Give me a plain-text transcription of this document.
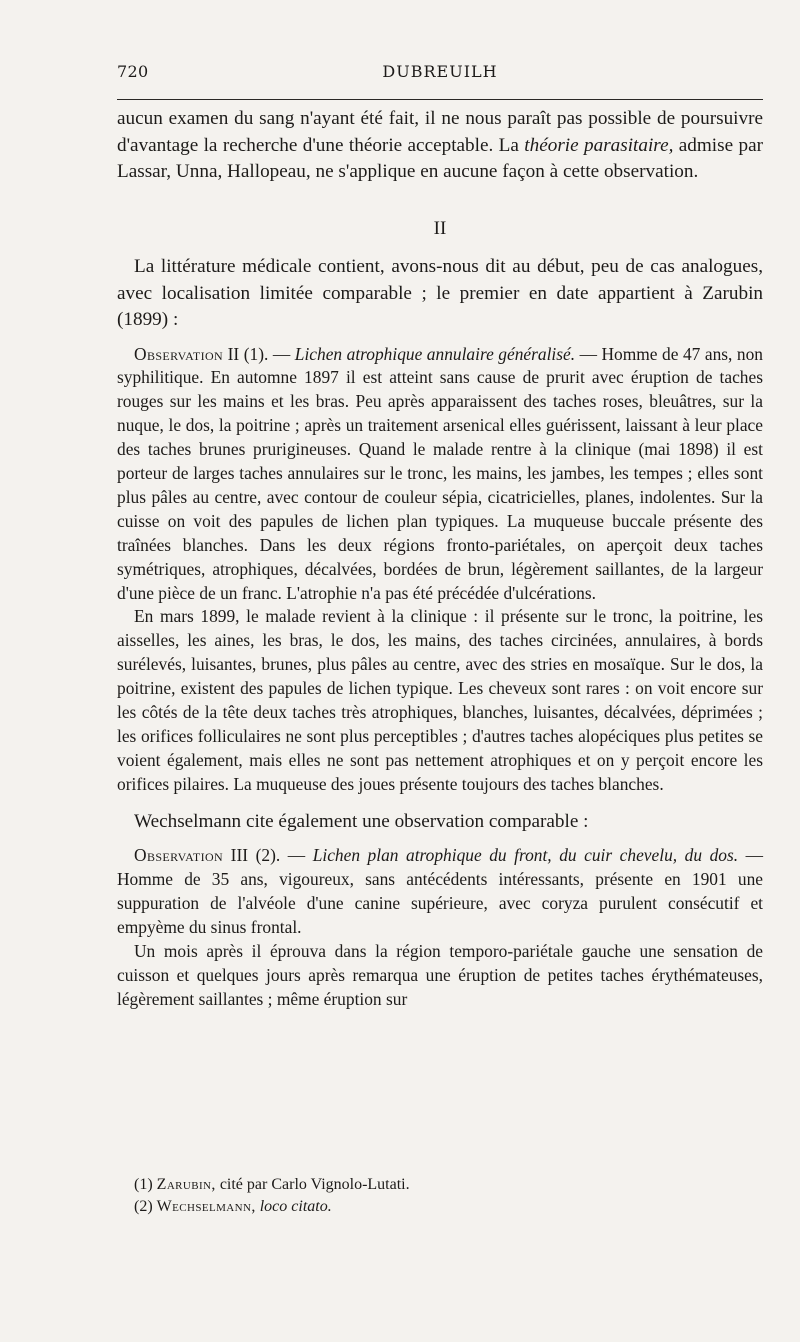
720	DUBREUILH

aucun examen du sang n'ayant été fait, il ne nous paraît pas possible de poursuivre d'avantage la recherche d'une théorie acceptable. La théorie parasitaire, admise par Lassar, Unna, Hallopeau, ne s'applique en aucune façon à cette observation.

II

La littérature médicale contient, avons-nous dit au début, peu de cas analogues, avec localisation limitée comparable ; le premier en date appartient à Zarubin (1899) :

Observation II (1). — Lichen atrophique annulaire généralisé. — Homme de 47 ans, non syphilitique. En automne 1897 il est atteint sans cause de prurit avec éruption de taches rouges sur les mains et les bras. Peu après apparaissent des taches roses, bleuâtres, sur la nuque, le dos, la poitrine ; après un traitement arsenical elles guérissent, laissant à leur place des taches brunes prurigineuses. Quand le malade rentre à la clinique (mai 1898) il est porteur de larges taches annulaires sur le tronc, les mains, les jambes, les tempes ; elles sont plus pâles au centre, avec contour de couleur sépia, cicatricielles, planes, indolentes. Sur la cuisse on voit des papules de lichen plan typiques. La muqueuse buccale présente des traînées blanches. Dans les deux régions fronto-pariétales, on aperçoit deux taches symétriques, atrophiques, décalvées, bordées de brun, légèrement saillantes, de la largeur d'une pièce de un franc. L'atrophie n'a pas été précédée d'ulcérations.

En mars 1899, le malade revient à la clinique : il présente sur le tronc, la poitrine, les aisselles, les aines, les bras, le dos, les mains, des taches circinées, annulaires, à bords surélevés, luisantes, brunes, plus pâles au centre, avec des stries en mosaïque. Sur le dos, la poitrine, existent des papules de lichen typique. Les cheveux sont rares : on voit encore sur les côtés de la tête deux taches très atrophiques, blanches, luisantes, décalvées, déprimées ; les orifices folliculaires ne sont plus perceptibles ; d'autres taches alopéciques plus petites se voient également, mais elles ne sont pas nettement atrophiques et on y perçoit encore les orifices pilaires. La muqueuse des joues présente toujours des taches blanches.

Wechselmann cite également une observation comparable :

Observation III (2). — Lichen plan atrophique du front, du cuir chevelu, du dos. — Homme de 35 ans, vigoureux, sans antécédents intéressants, présente en 1901 une suppuration de l'alvéole d'une canine supérieure, avec coryza purulent consécutif et empyème du sinus frontal.

Un mois après il éprouva dans la région temporo-pariétale gauche une sensation de cuisson et quelques jours après remarqua une éruption de petites taches érythémateuses, légèrement saillantes ; même éruption sur

(1) Zarubin, cité par Carlo Vignolo-Lutati.

(2) Wechselmann, loco citato.
